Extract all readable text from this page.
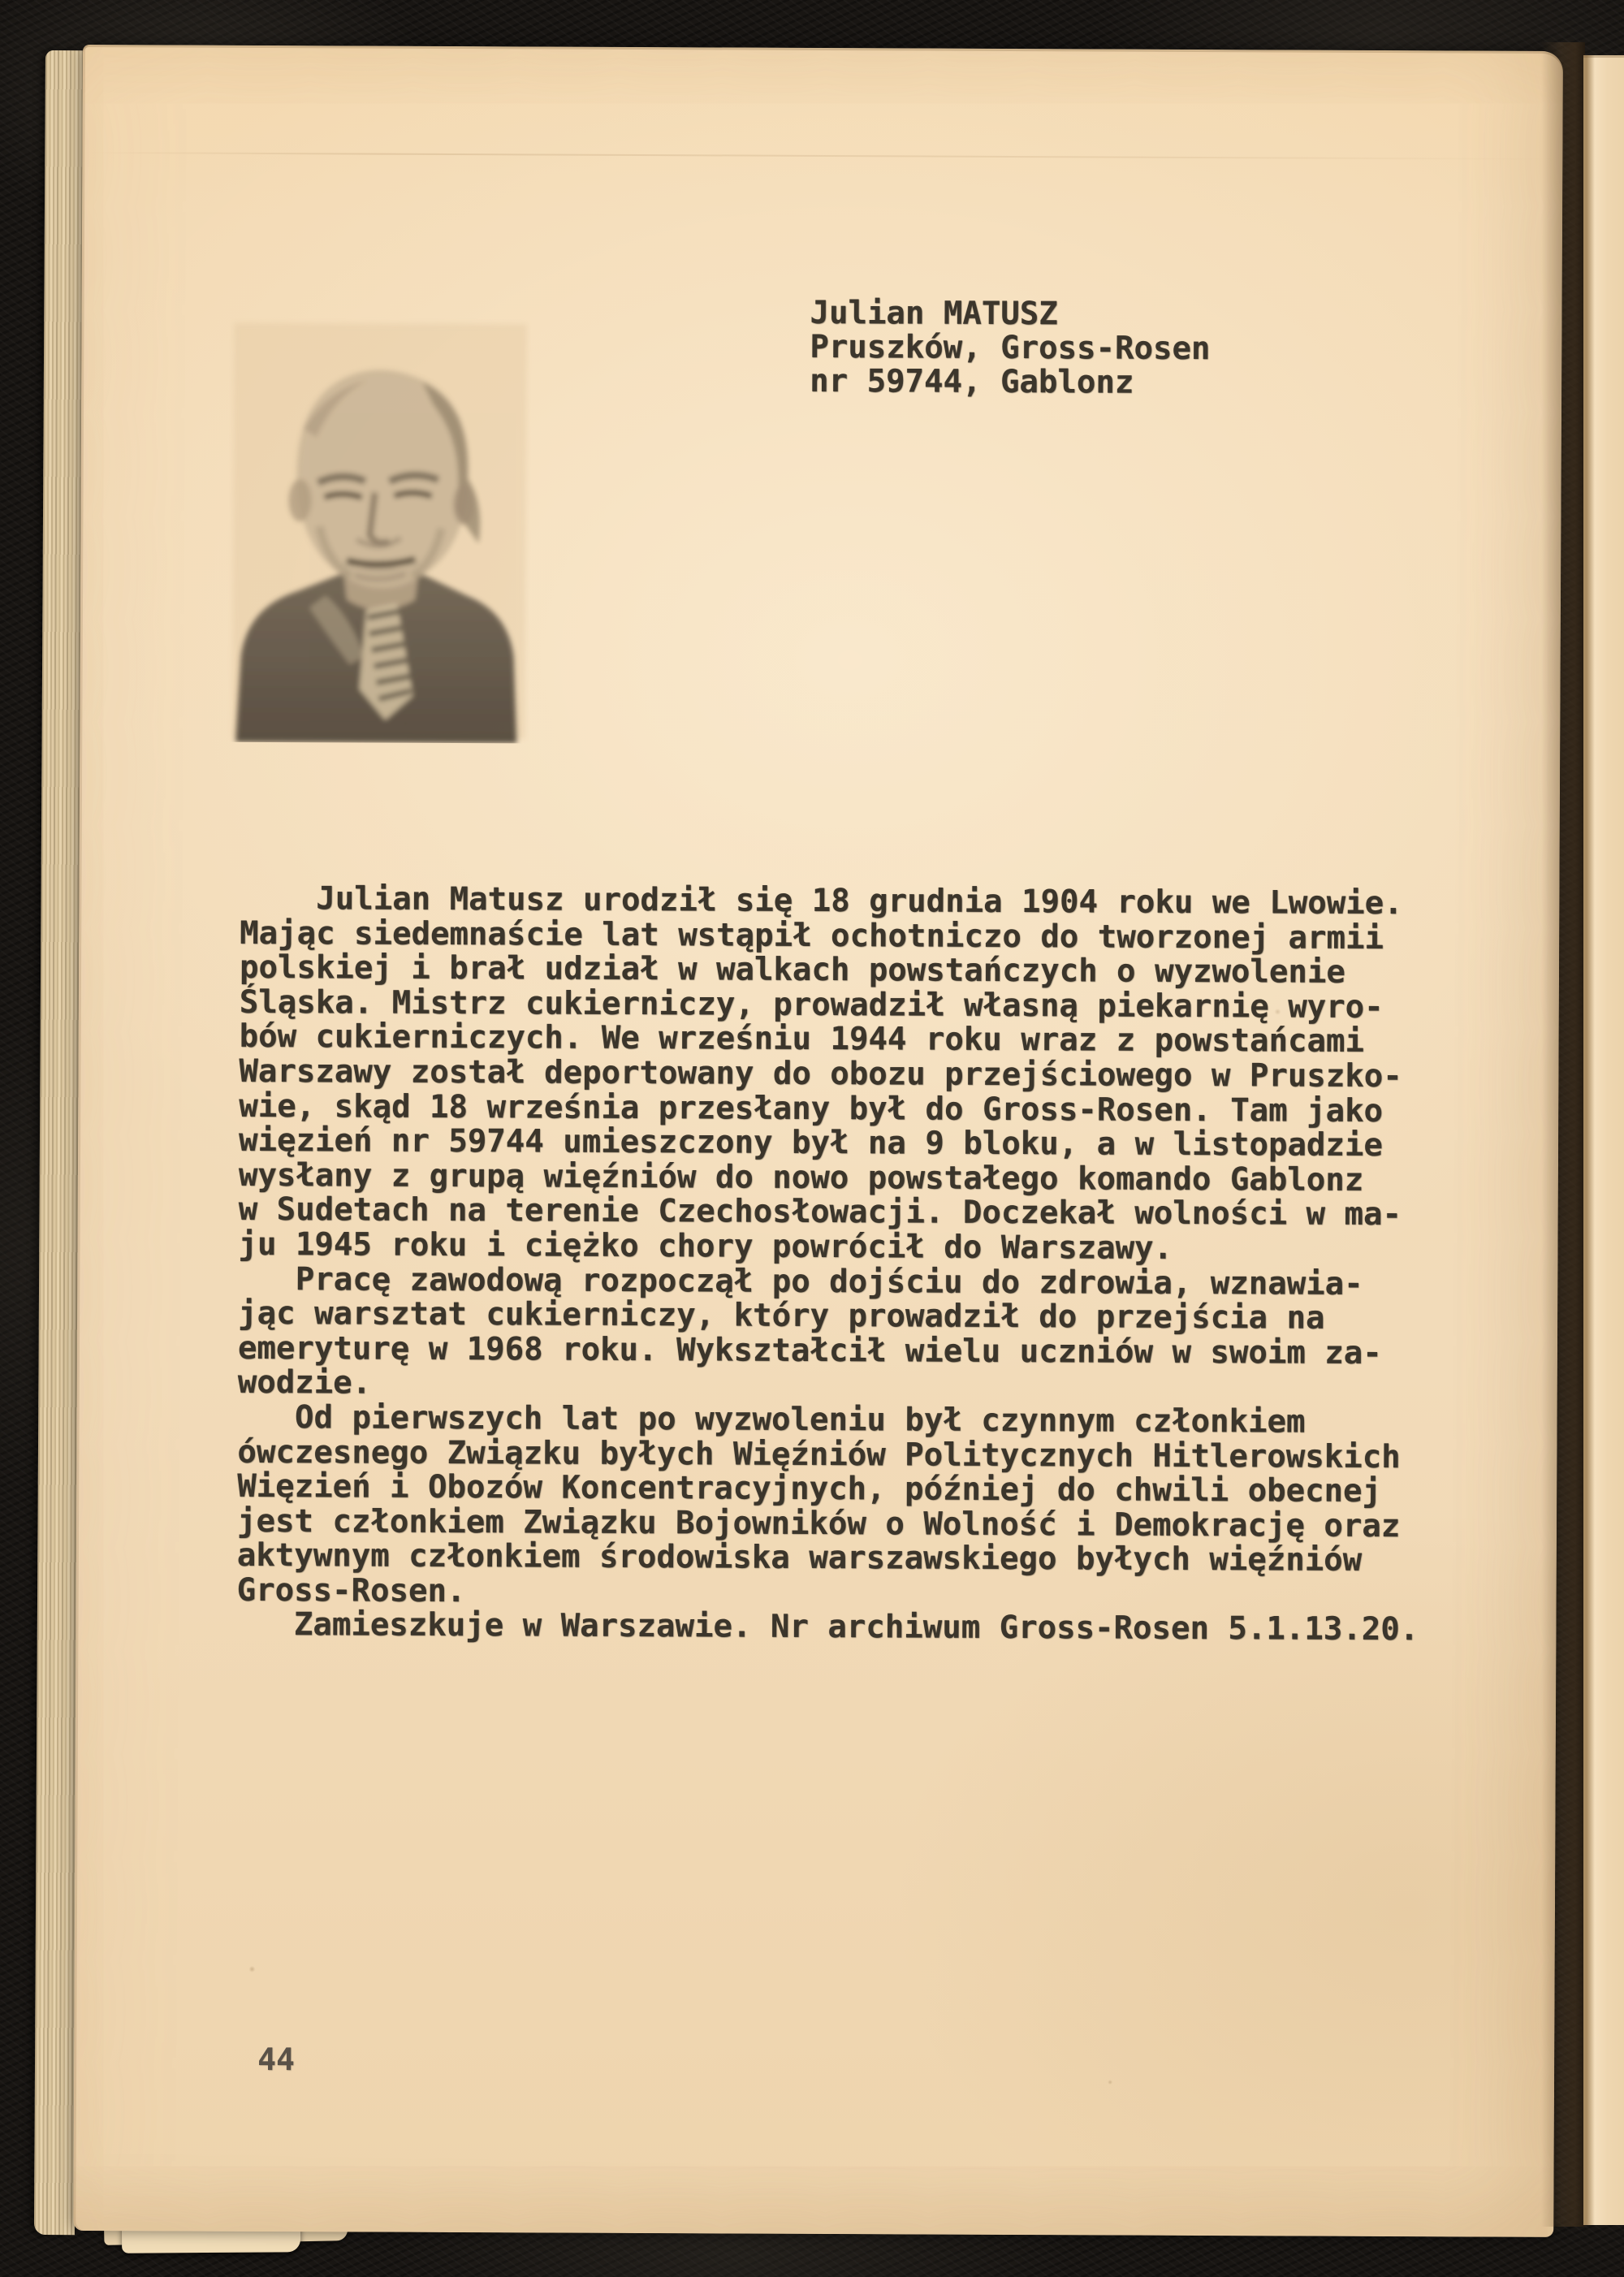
Julian MATUSZ
Pruszków, Gross-Rosen
nr 59744, Gablonz
Julian Matusz urodził się 18 grudnia 1904 roku we Lwowie.
Mając siedemnaście lat wstąpił ochotniczo do tworzonej armii
polskiej i brał udział w walkach powstańczych o wyzwolenie
Śląska. Mistrz cukierniczy, prowadził własną piekarnię wyro-
bów cukierniczych. We wrześniu 1944 roku wraz z powstańcami
Warszawy został deportowany do obozu przejściowego w Pruszko-
wie, skąd 18 września przesłany był do Gross-Rosen. Tam jako
więzień nr 59744 umieszczony był na 9 bloku, a w listopadzie
wysłany z grupą więźniów do nowo powstałego komando Gablonz
w Sudetach na terenie Czechosłowacji. Doczekał wolności w ma-
ju 1945 roku i ciężko chory powrócił do Warszawy.
Pracę zawodową rozpoczął po dojściu do zdrowia, wznawia-
jąc warsztat cukierniczy, który prowadził do przejścia na
emeryturę w 1968 roku. Wykształcił wielu uczniów w swoim za-
wodzie.
Od pierwszych lat po wyzwoleniu był czynnym członkiem
ówczesnego Związku byłych Więźniów Politycznych Hitlerowskich
Więzień i Obozów Koncentracyjnych, później do chwili obecnej
jest członkiem Związku Bojowników o Wolność i Demokrację oraz
aktywnym członkiem środowiska warszawskiego byłych więźniów
Gross-Rosen.
Zamieszkuje w Warszawie. Nr archiwum Gross-Rosen 5.1.13.20.
44
